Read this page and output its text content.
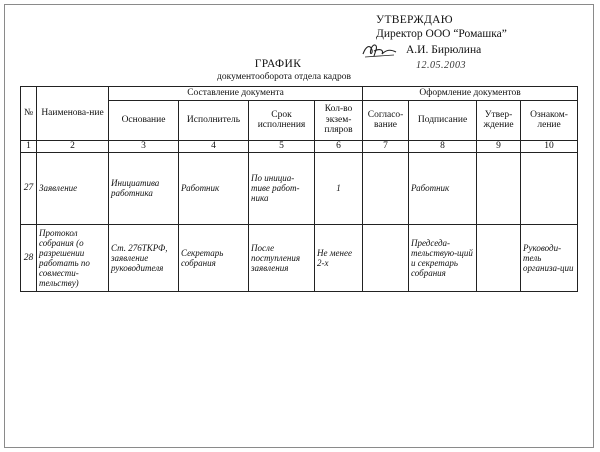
УТВЕРЖДАЮ
Директор ООО “Ромашка”
А.И. Бирюлина
12.05.2003
ГРАФИК
документооборота отдела кадров
№	Наименова-ние	Составление документа				Оформление документов			
		Основание	Исполнитель	Срок исполнения	Кол-во экзем-пляров	Согласо-вание	Подписание	Утвер-ждение	Ознаком-ление
1	2	3	4	5	6	7	8	9	10
27	Заявление	Инициатива работника	Работник	По инициа-тиве работ-ника	1		Работник		
28	Протокол собрания (о разрешении работать по совмести-тельству)	Ст. 276ТКРФ, заявление руководителя	Секретарь собрания	После поступления заявления	Не менее 2-х		Председа-тельствую-щий и секретарь собрания		Руководи-тель организа-ции
